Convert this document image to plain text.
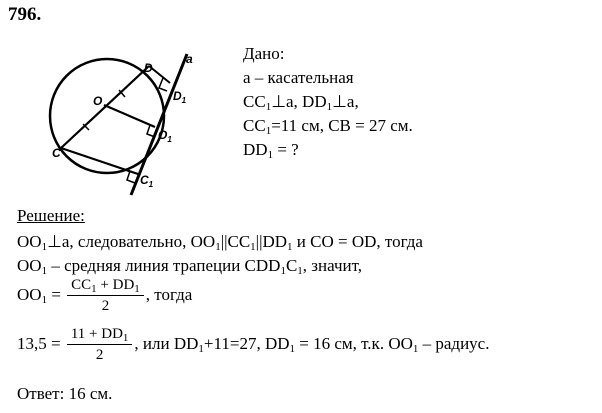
796.
D
a
$D_1$
O
$O_1$
C
$C_1$
Дано:
a – касательная
$CC_1\perp a$, $DD_1\perp a$,
$CC_1=11$ см, CB = 27 см.
$DD_1$ = ?
Решение:
$OO_1\perp a$, следовательно, $OO_1||CC_1||DD_1$ и CO = OD, тогда
$OO_1$ – средняя линия трапеции $CDD_1C_1$, значит,
$OO_1 = \frac{CC_1 + DD_1}{2}$ , тогда
$13,5 = \frac{11 + DD_1}{2}$ , или $DD_1+11=27$, $DD_1 = 16$ см, т.к. $OO_1$ – радиус.
Ответ: 16 см.
